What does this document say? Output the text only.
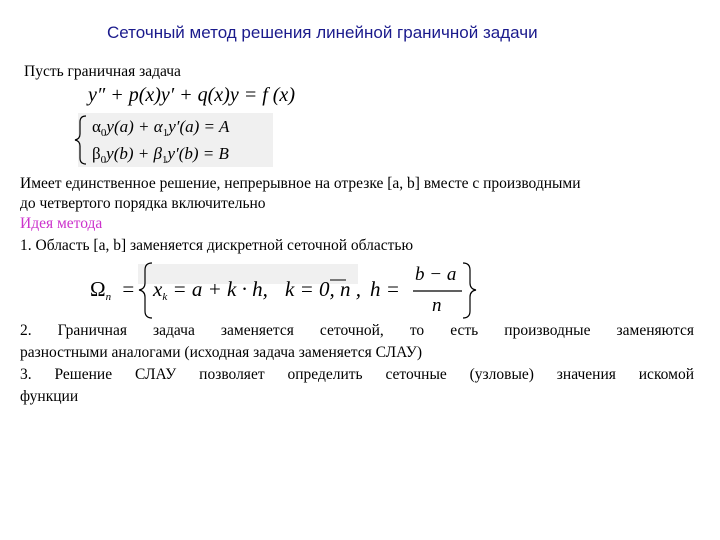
Сеточный метод решения линейной граничной задачи
Пусть граничная задача
y″ + p(x)y′ + q(x)y = f (x)
$\alpha_0y(a) + \alpha_1y'(a) = A$
$\beta_0y(b) + \beta_1y'(b) = B$
Имеет единственное решение, непрерывное на отрезке [a, b] вместе с производными
до четвертого порядка включительно
Идея метода
1. Область [a, b] заменяется дискретной сеточной областью
$\Omega_n = x_k = a + k \cdot h$, k = 0, n , h =
b − a
n
2. Граничная задача заменяется сеточной, то есть производные заменяются
разностными аналогами (исходная задача заменяется СЛАУ)
3. Решение СЛАУ позволяет определить сеточные (узловые) значения искомой
функции
